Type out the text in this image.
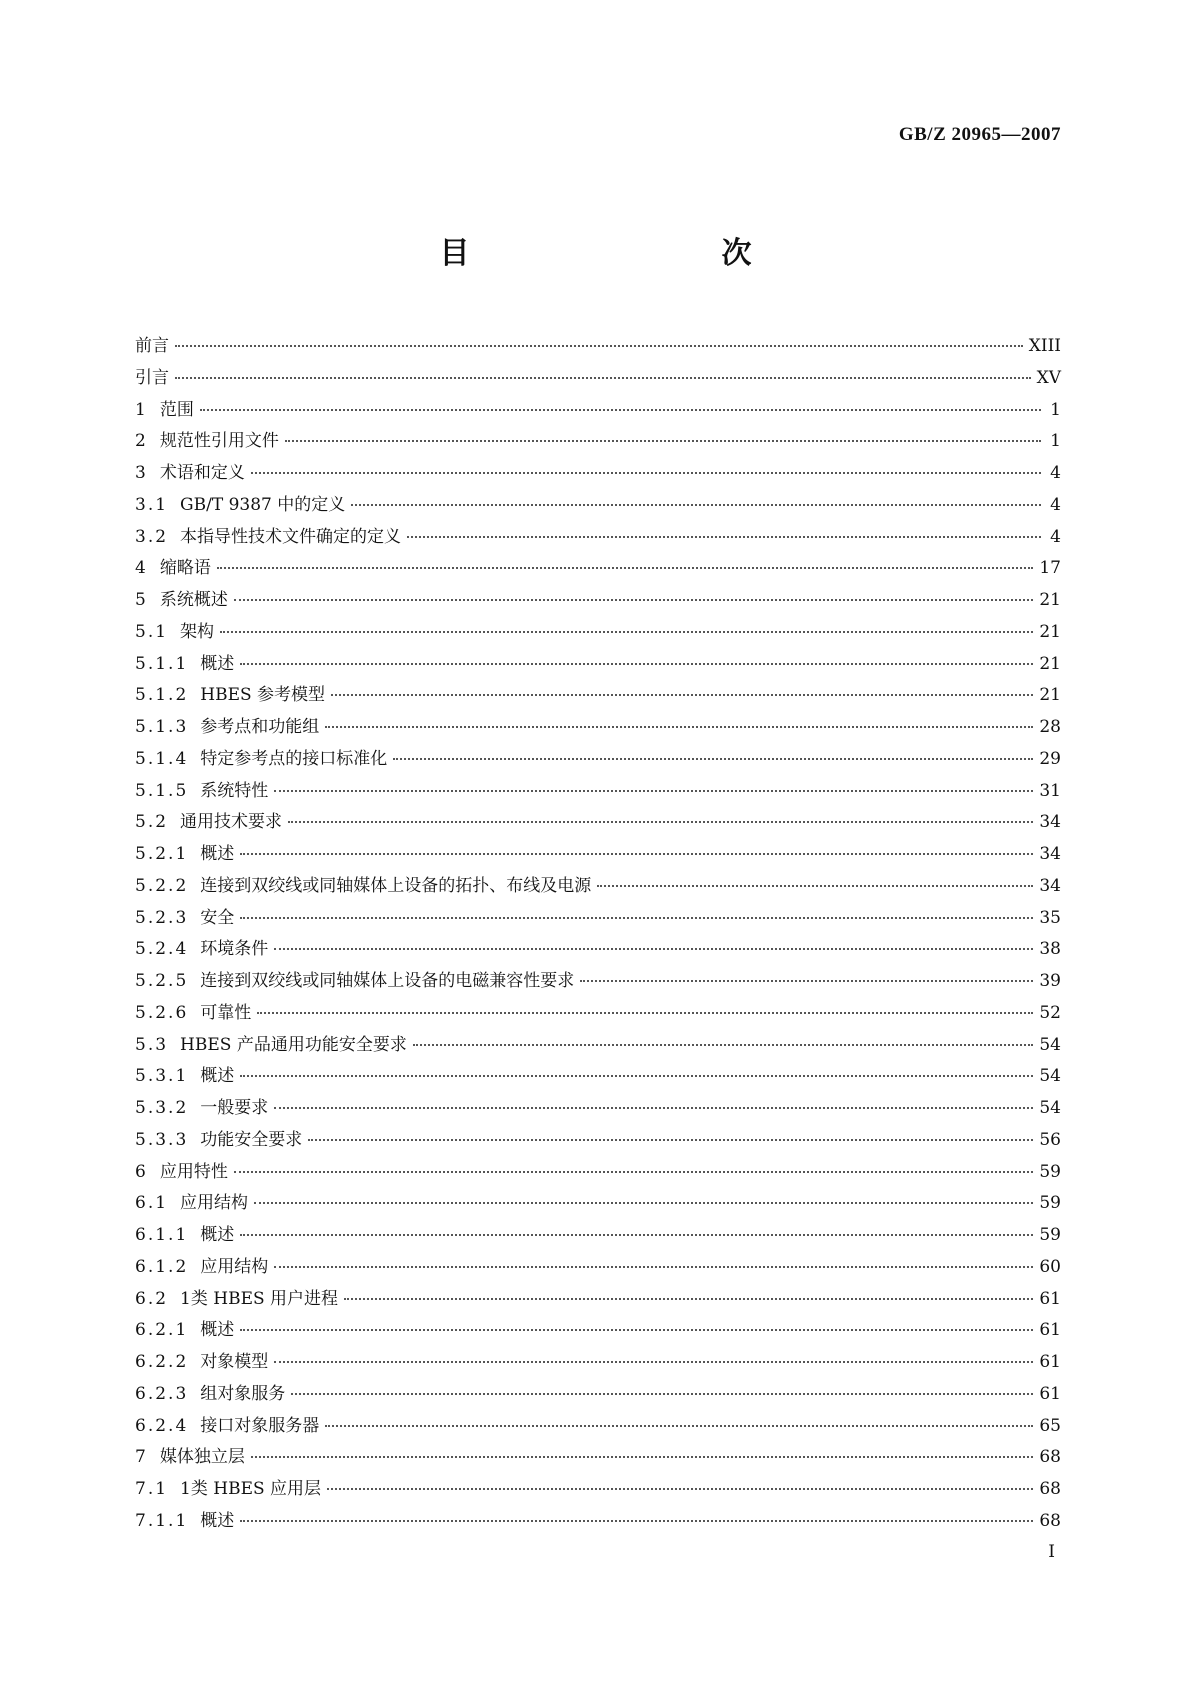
GB/Z 20965—2007
目　　次
前言	XIII
引言	XV
1 范围	1
2 规范性引用文件	1
3 术语和定义	4
3.1 GB/T 9387 中的定义	4
3.2 本指导性技术文件确定的定义	4
4 缩略语	17
5 系统概述	21
5.1 架构	21
5.1.1 概述	21
5.1.2 HBES 参考模型	21
5.1.3 参考点和功能组	28
5.1.4 特定参考点的接口标准化	29
5.1.5 系统特性	31
5.2 通用技术要求	34
5.2.1 概述	34
5.2.2 连接到双绞线或同轴媒体上设备的拓扑、布线及电源	34
5.2.3 安全	35
5.2.4 环境条件	38
5.2.5 连接到双绞线或同轴媒体上设备的电磁兼容性要求	39
5.2.6 可靠性	52
5.3 HBES 产品通用功能安全要求	54
5.3.1 概述	54
5.3.2 一般要求	54
5.3.3 功能安全要求	56
6 应用特性	59
6.1 应用结构	59
6.1.1 概述	59
6.1.2 应用结构	60
6.2 1类 HBES 用户进程	61
6.2.1 概述	61
6.2.2 对象模型	61
6.2.3 组对象服务	61
6.2.4 接口对象服务器	65
7 媒体独立层	68
7.1 1类 HBES 应用层	68
7.1.1 概述	68
I
